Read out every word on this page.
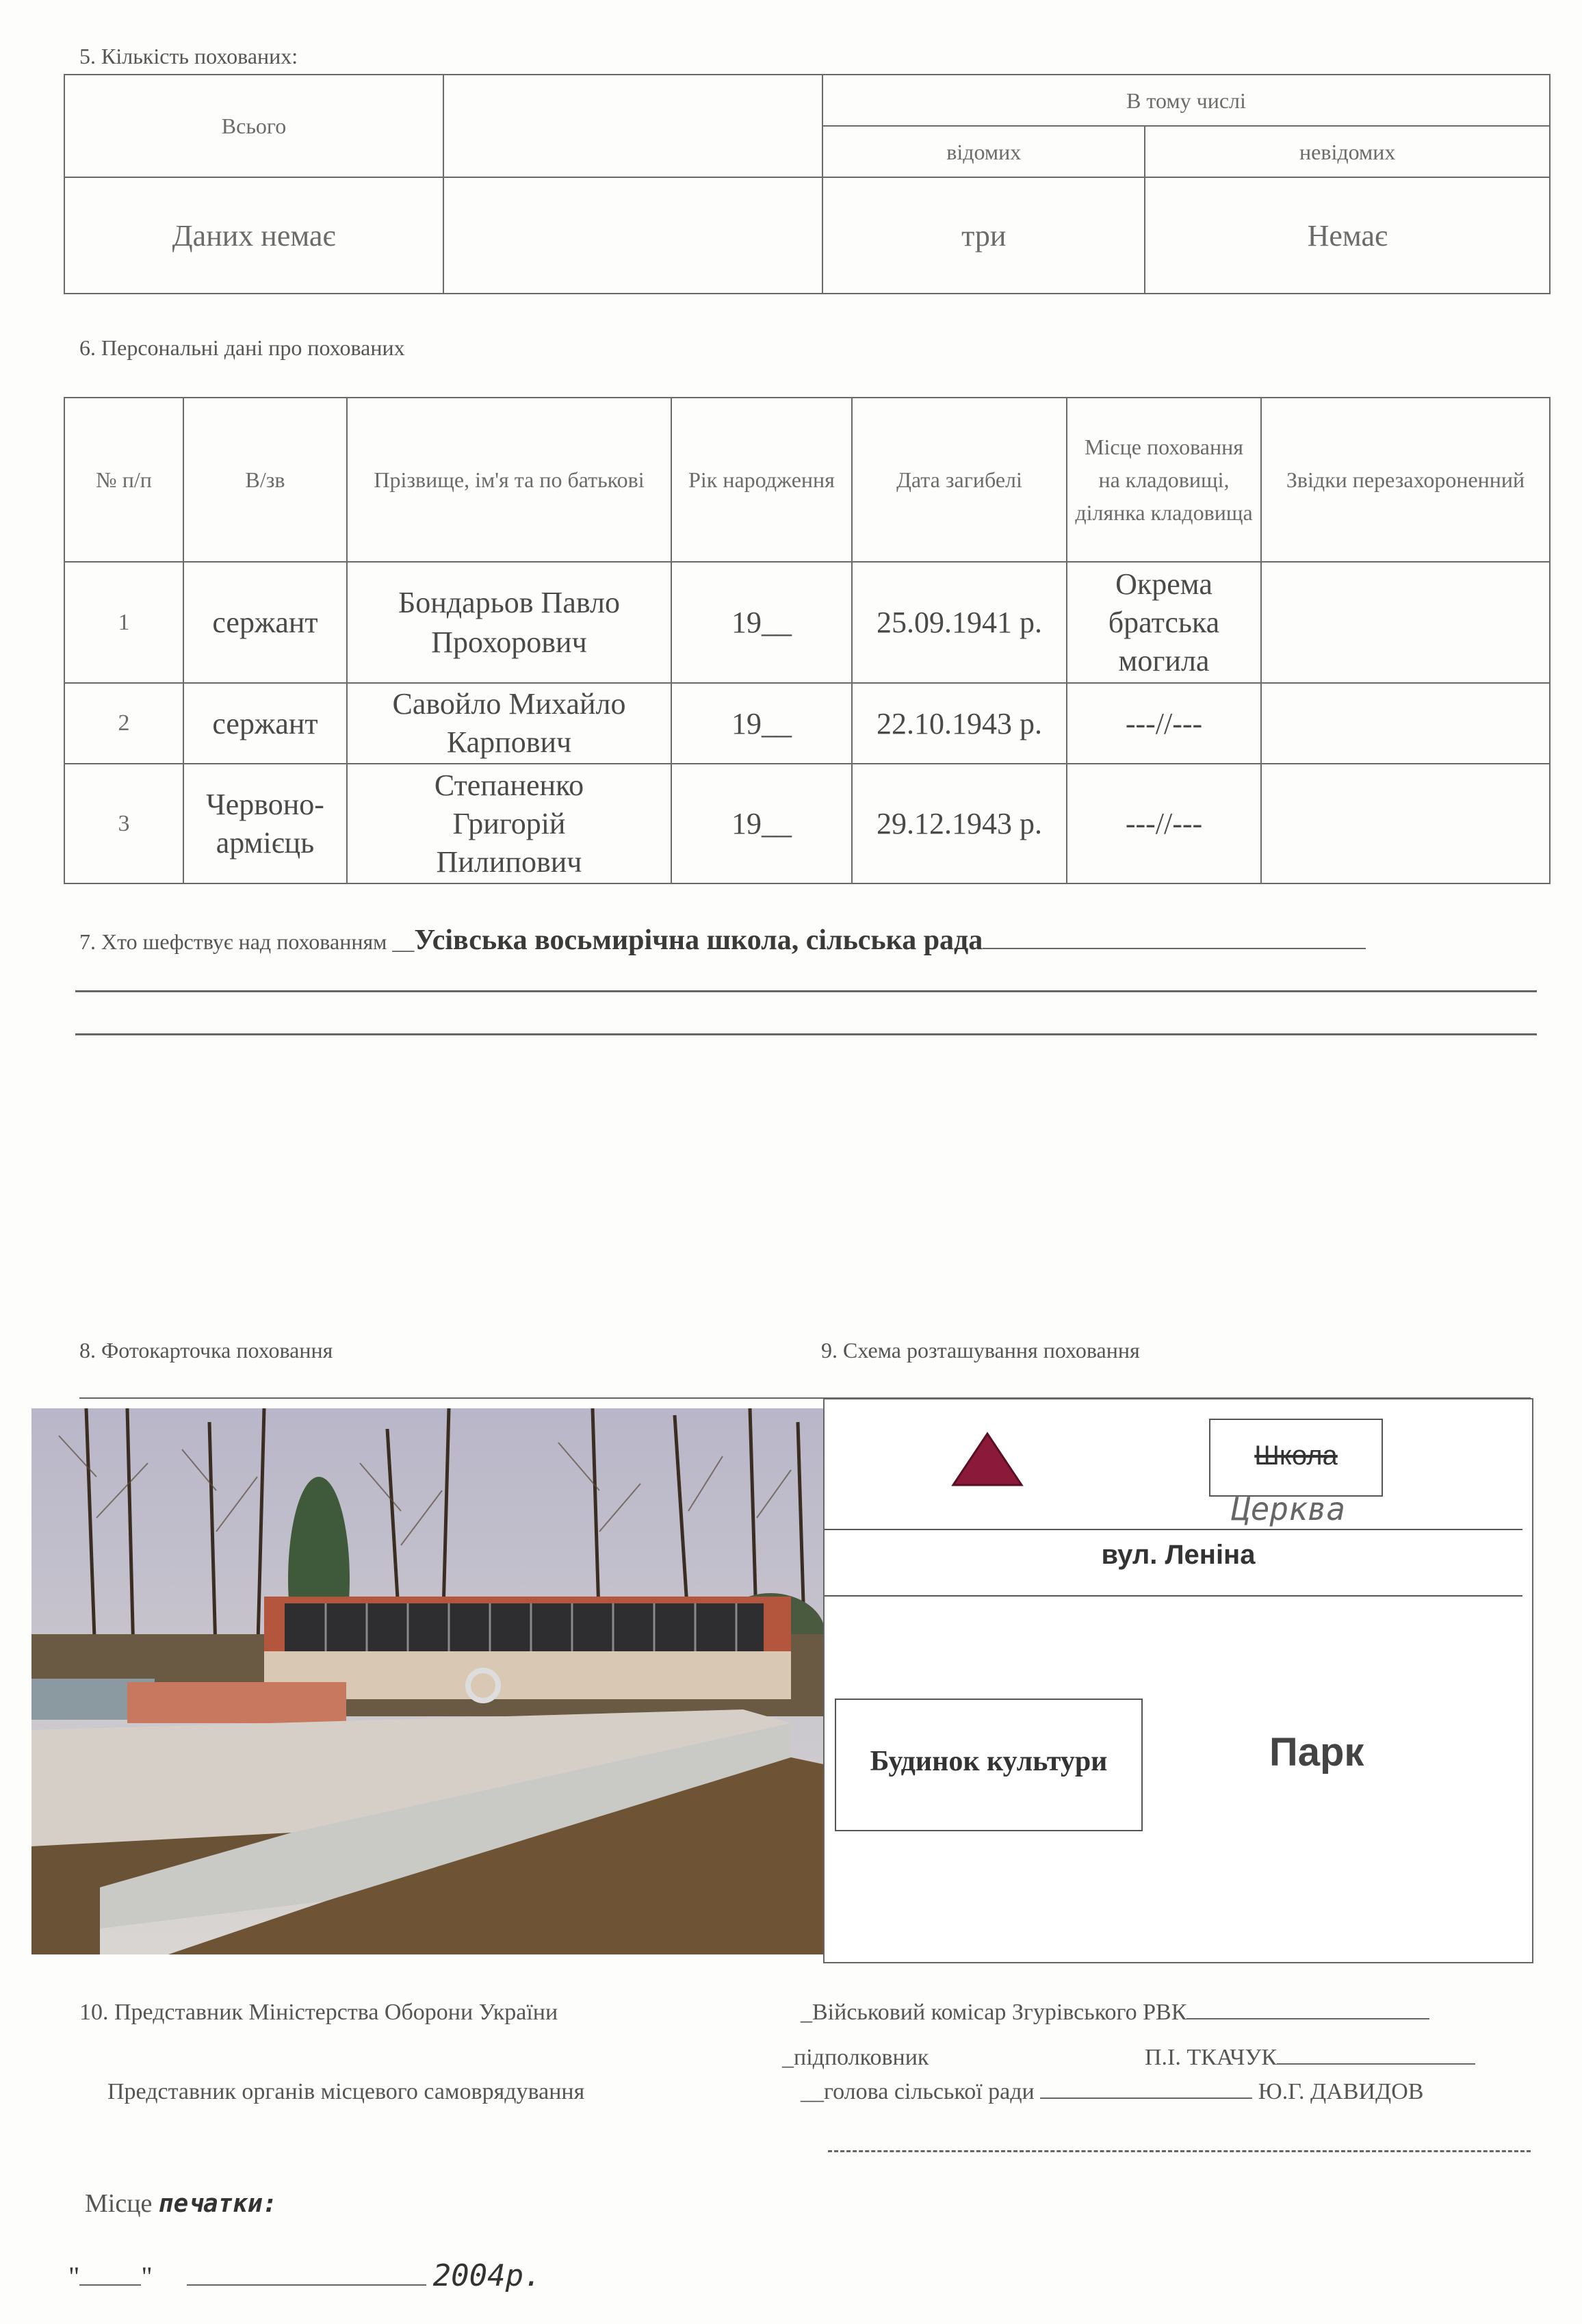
5. Кількість похованих:
Всього		В тому числі	
		відомих	невідомих
Даних немає		три	Немає
6. Персональні дані про похованих
№ п/п	В/зв	Прізвище, ім'я та по батькові	Рік народження	Дата загибелі	Місце поховання на кладовищі, ділянка кладовища	Звідки перезахороненний
1	сержант	Бондарьов Павло Прохорович	19__	25.09.1941 р.	Окрема братська могила	
2	сержант	Савойло Михайло Карпович	19__	22.10.1943 р.	---//---	
3	Червоно-армієць	Степаненко Григорій Пилипович	19__	29.12.1943 р.	---//---	
7. Хто шефствує над похованням __Усівська восьмирічна школа, сільська рада
8. Фотокарточка поховання	9. Схема розташування поховання
Школа
Церква
вул. Леніна
Будинок культури	Парк
10. Представник Міністерства Оборони України	_Військовий комісар Згурівського РВК
_підполковник	П.І. ТКАЧУК
Представник органів місцевого самоврядування	__голова сільської ради	Ю.Г. ДАВИДОВ
Місце печатки:
" "	2004р.
